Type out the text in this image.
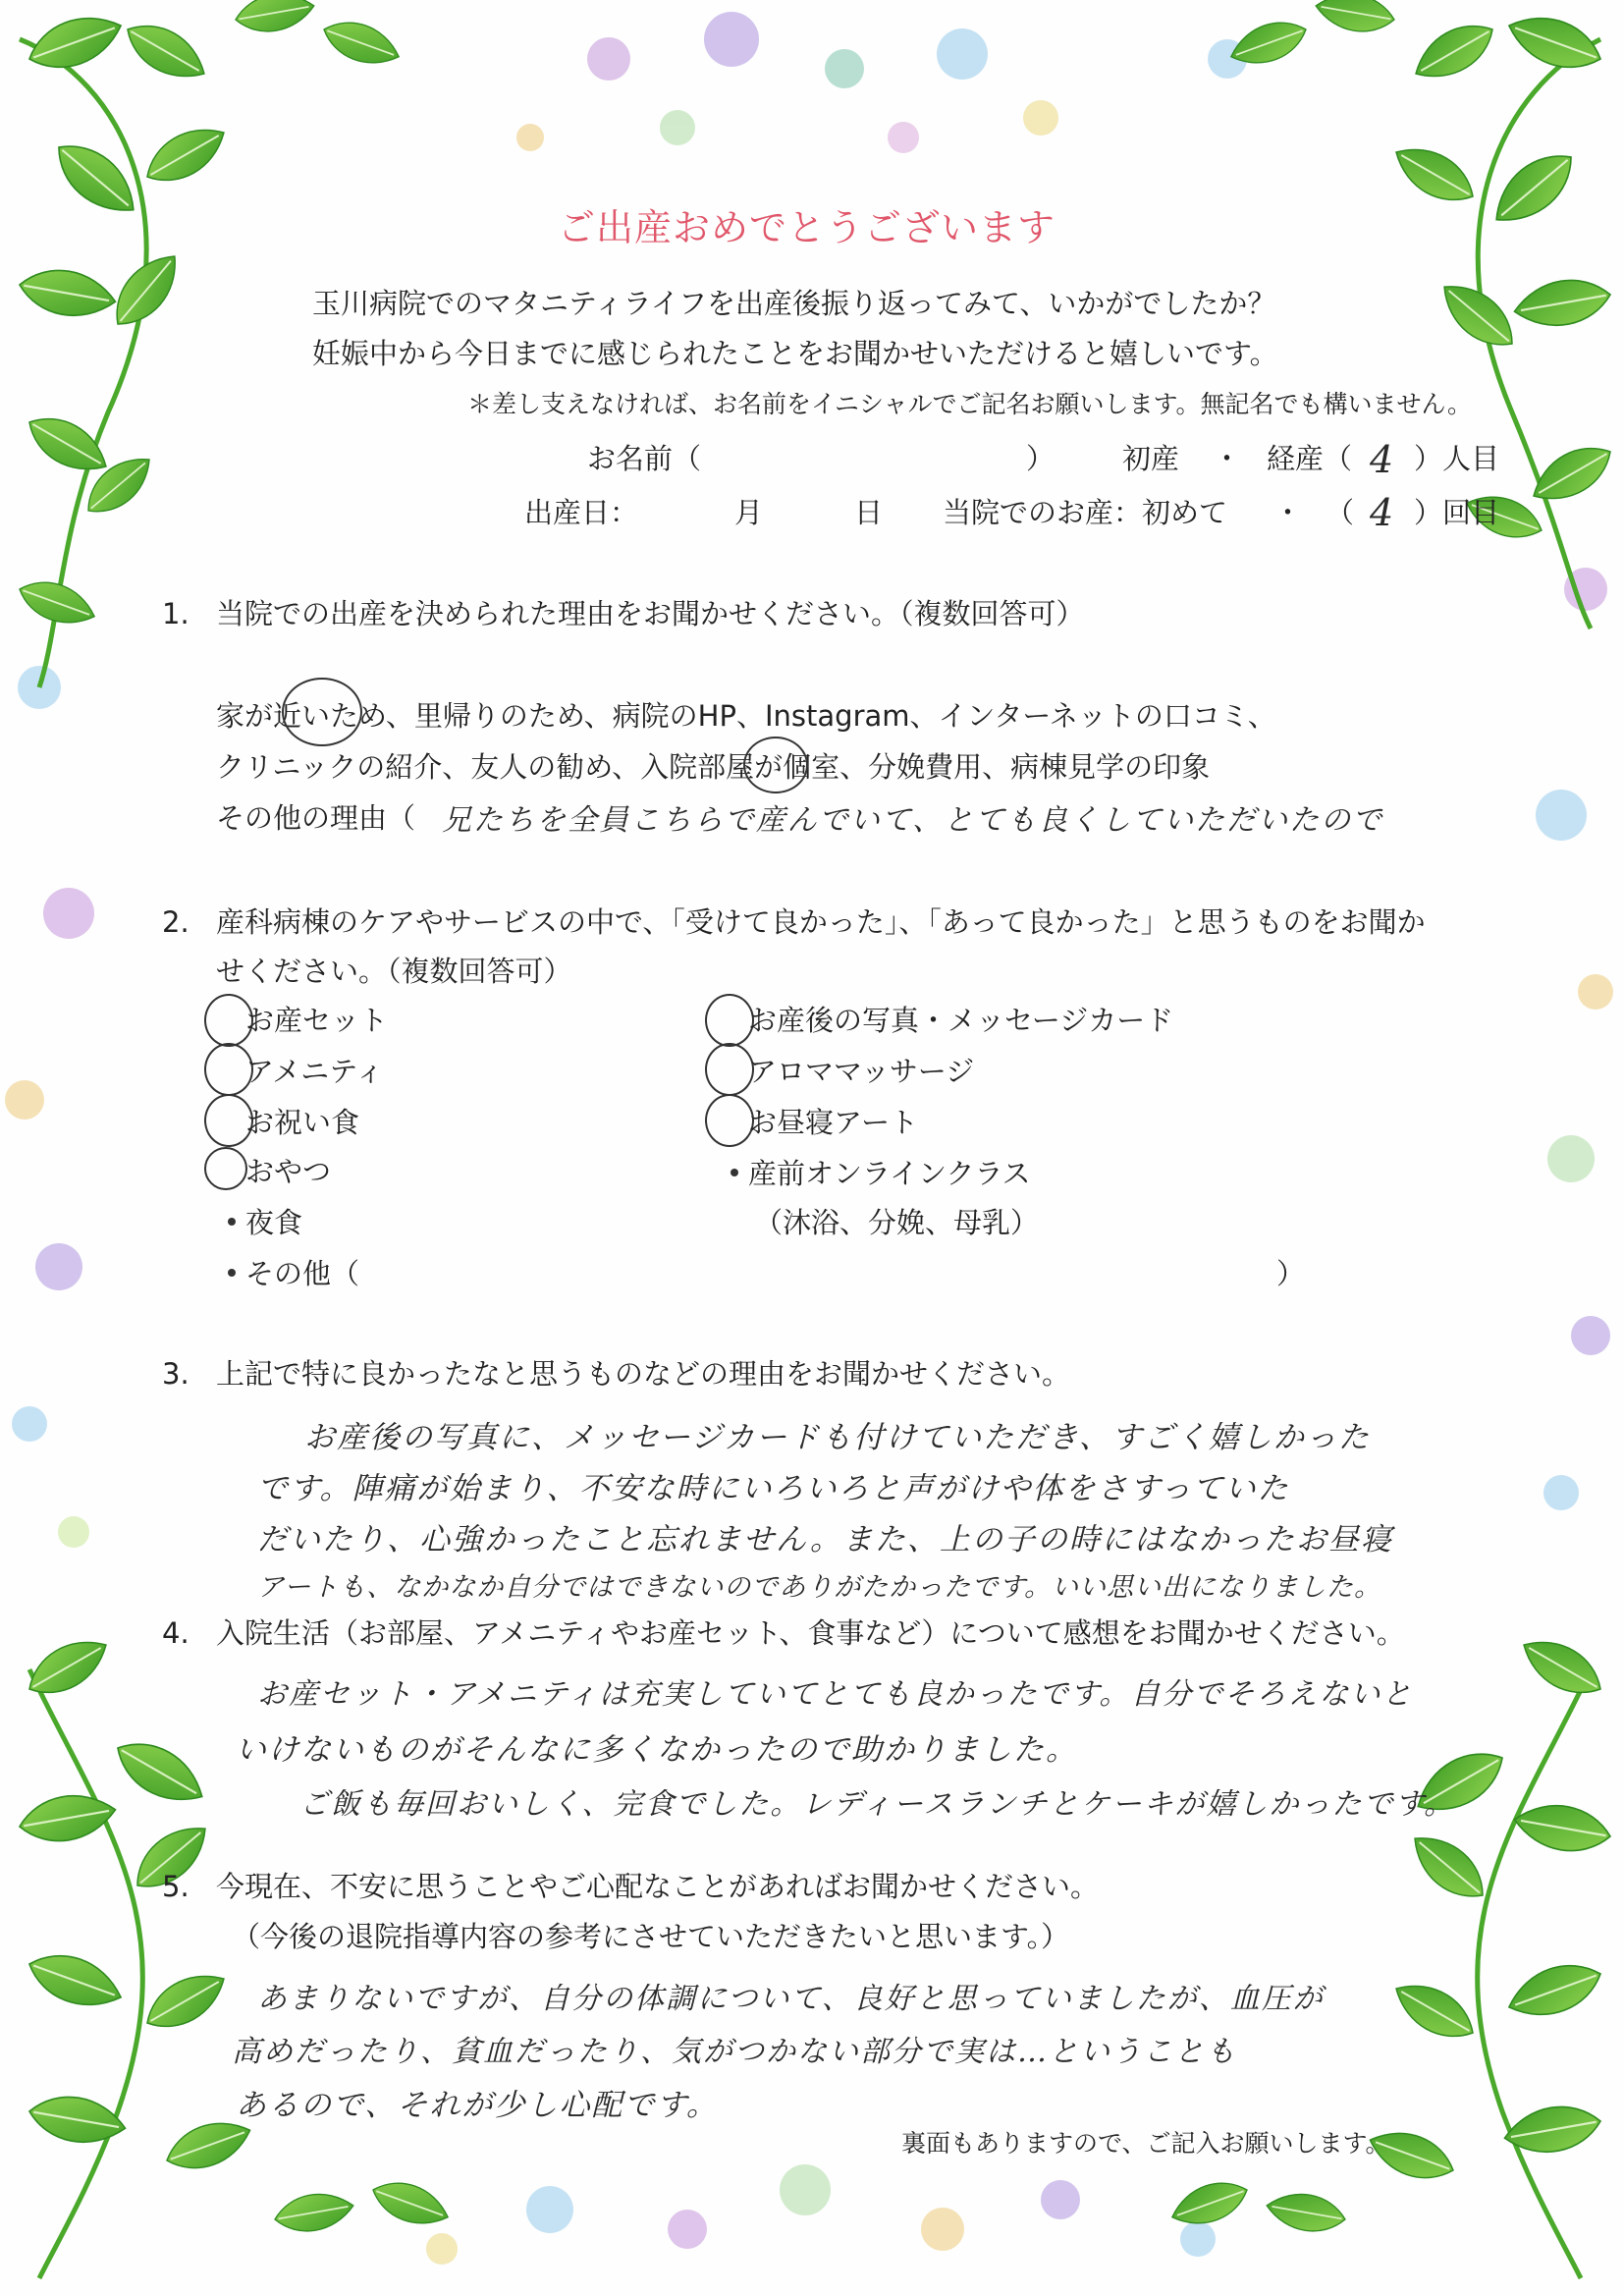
ご出産おめでとうございます
玉川病院でのマタニティライフを出産後振り返ってみて、いかがでしたか？
妊娠中から今日までに感じられたことをお聞かせいただけると嬉しいです。
＊差し支えなければ、お名前をイニシャルでご記名お願いします。無記名でも構いません。
お名前（	） 初産 ・ 経産（ 4 ）人目
出産日：	月	日 当院でのお産：初めて ・ （ 4 ）回目
1. 当院での出産を決められた理由をお聞かせください。（複数回答可）
家が近いため、里帰りのため、病院のHP、Instagram、インターネットの口コミ、
クリニックの紹介、友人の勧め、入院部屋が個室、分娩費用、病棟見学の印象
その他の理由（ 兄たちを全員こちらで産んでいて、とても良くしていただいたので
2. 産科病棟のケアやサービスの中で、「受けて良かった」、「あって良かった」と思うものをお聞か
せください。（複数回答可）
お産セット
アメニティ
お祝い食
おやつ
夜食
その他（	）
お産後の写真・メッセージカード
アロママッサージ
お昼寝アート
産前オンラインクラス
（沐浴、分娩、母乳）
3. 上記で特に良かったなと思うものなどの理由をお聞かせください。
お産後の写真に、メッセージカードも付けていただき、すごく嬉しかった
です。陣痛が始まり、不安な時にいろいろと声がけや体をさすっていた
だいたり、心強かったこと忘れません。また、上の子の時にはなかったお昼寝
アートも、なかなか自分ではできないのでありがたかったです。いい思い出になりました。
4. 入院生活（お部屋、アメニティやお産セット、食事など）について感想をお聞かせください。
お産セット・アメニティは充実していてとても良かったです。自分でそろえないと
いけないものがそんなに多くなかったので助かりました。
ご飯も毎回おいしく、完食でした。レディースランチとケーキが嬉しかったです。
5. 今現在、不安に思うことやご心配なことがあればお聞かせください。
（今後の退院指導内容の参考にさせていただきたいと思います。）
あまりないですが、自分の体調について、良好と思っていましたが、血圧が
高めだったり、貧血だったり、気がつかない部分で実は…ということも
あるので、それが少し心配です。
裏面もありますので、ご記入お願いします。
